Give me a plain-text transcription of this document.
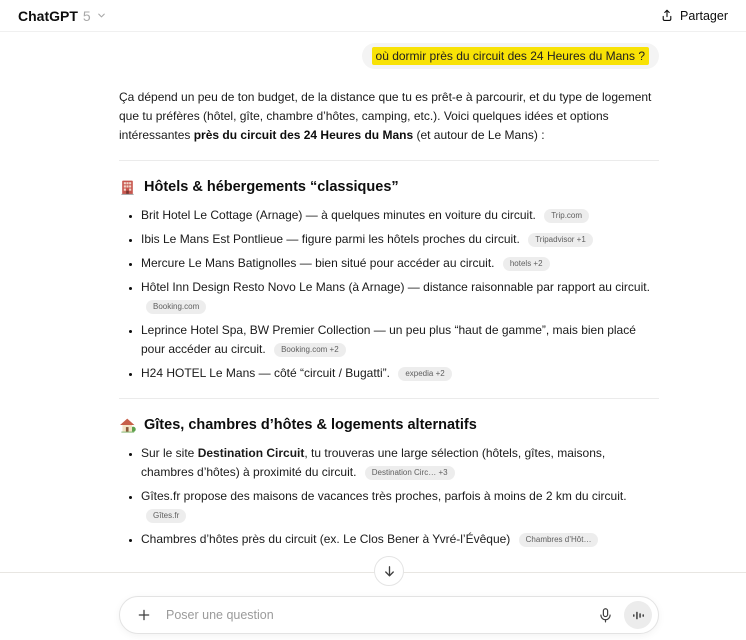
ChatGPT 5	Partager
où dormir près du circuit des 24 Heures du Mans ?

Ça dépend un peu de ton budget, de la distance que tu es prêt-e à parcourir, et du type de logement que tu préfères (hôtel, gîte, chambre d’hôtes, camping, etc.). Voici quelques idées et options intéressantes près du circuit des 24 Heures du Mans (et autour de Le Mans) :

Hôtels & hébergements “classiques”
• Brit Hotel Le Cottage (Arnage) — à quelques minutes en voiture du circuit. Trip.com
• Ibis Le Mans Est Pontlieue — figure parmi les hôtels proches du circuit. Tripadvisor +1
• Mercure Le Mans Batignolles — bien situé pour accéder au circuit. hotels +2
• Hôtel Inn Design Resto Novo Le Mans (à Arnage) — distance raisonnable par rapport au circuit. Booking.com
• Leprince Hotel Spa, BW Premier Collection — un peu plus “haut de gamme”, mais bien placé pour accéder au circuit. Booking.com +2
• H24 HOTEL Le Mans — côté “circuit / Bugatti”. expedia +2
Gîtes, chambres d’hôtes & logements alternatifs
• Sur le site Destination Circuit, tu trouveras une large sélection (hôtels, gîtes, maisons, chambres d’hôtes) à proximité du circuit. Destination Circ… +3
• Gîtes.fr propose des maisons de vacances très proches, parfois à moins de 2 km du circuit. Gîtes.fr
• Chambres d’hôtes près du circuit (ex. Le Clos Bener à Yvré-l’Évêque) Chambres d’Hôt…
•
Poser une question
